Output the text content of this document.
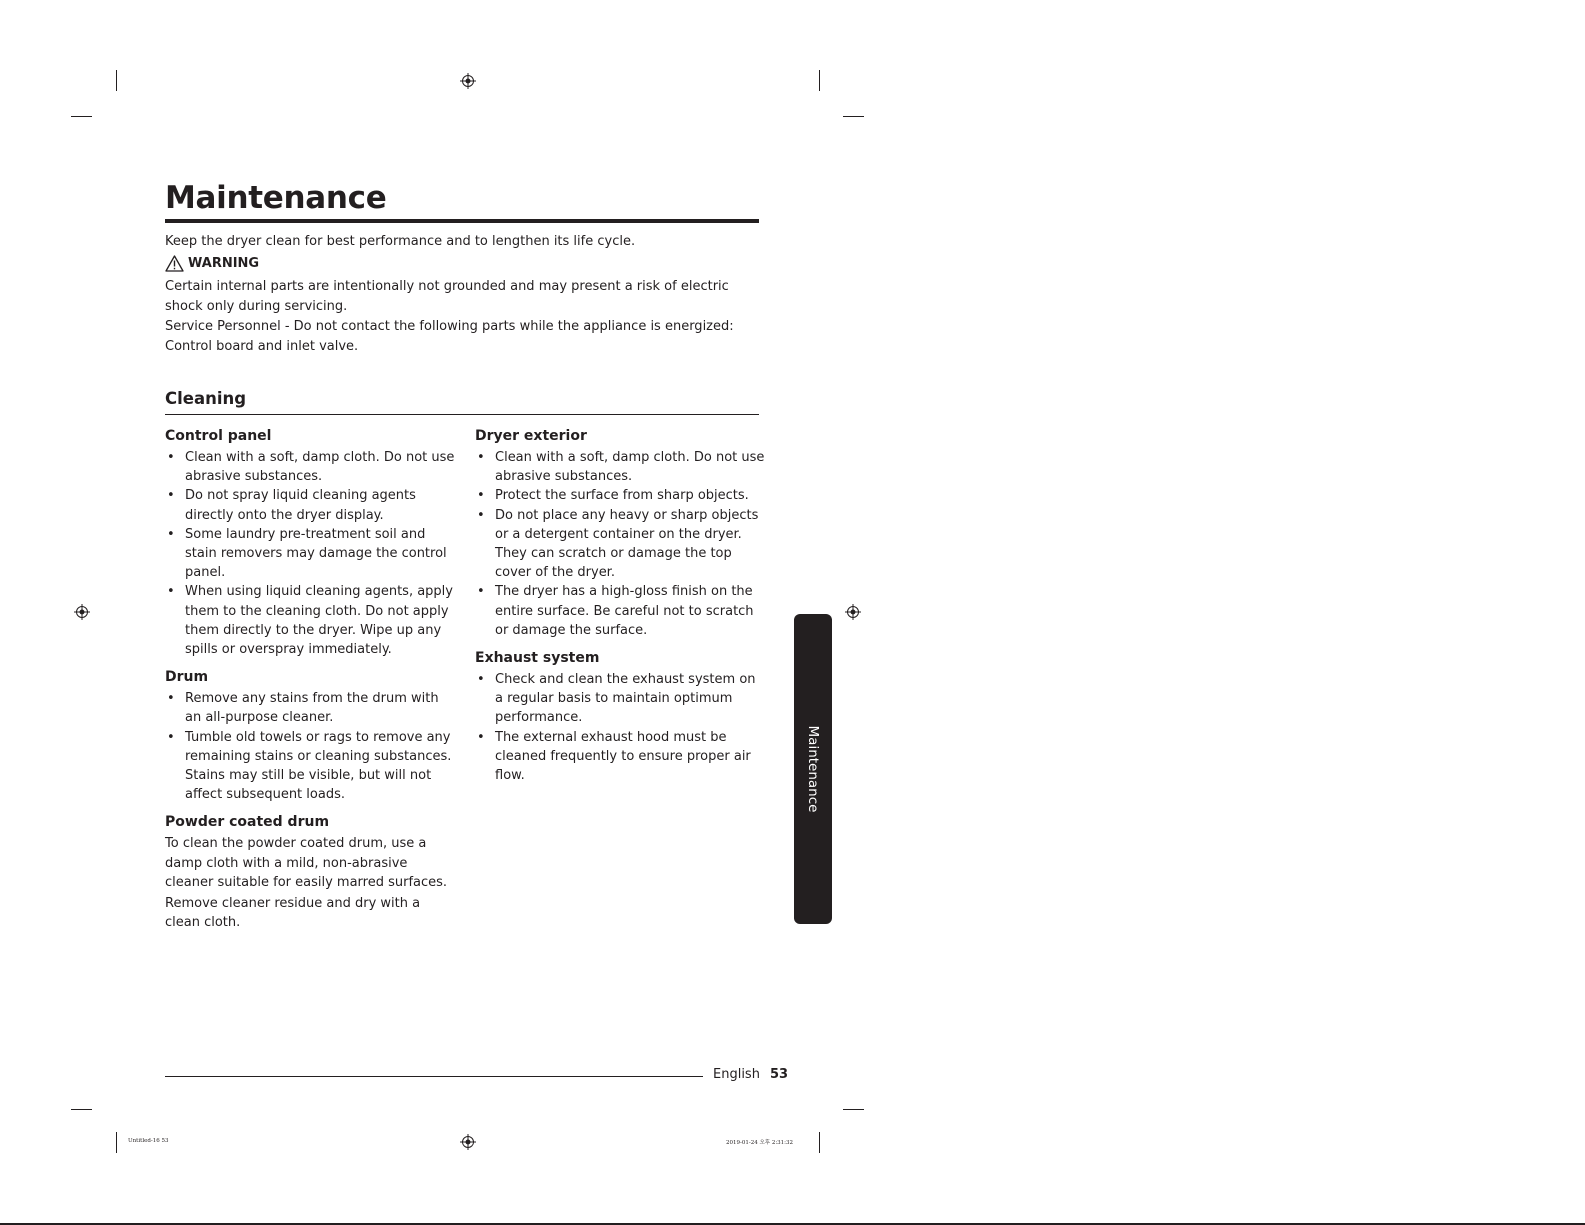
Maintenance
Keep the dryer clean for best performance and to lengthen its life cycle.
WARNING
Certain internal parts are intentionally not grounded and may present a risk of electric shock only during servicing.
Service Personnel - Do not contact the following parts while the appliance is energized: Control board and inlet valve.
Cleaning
Control panel
• Clean with a soft, damp cloth. Do not use abrasive substances.
• Do not spray liquid cleaning agents directly onto the dryer display.
• Some laundry pre-treatment soil and stain removers may damage the control panel.
• When using liquid cleaning agents, apply them to the cleaning cloth. Do not apply them directly to the dryer. Wipe up any spills or overspray immediately.
Drum
• Remove any stains from the drum with an all-purpose cleaner.
• Tumble old towels or rags to remove any remaining stains or cleaning substances. Stains may still be visible, but will not affect subsequent loads.
Powder coated drum

To clean the powder coated drum, use a damp cloth with a mild, non-abrasive cleaner suitable for easily marred surfaces.

Remove cleaner residue and dry with a clean cloth.

Dryer exterior
• Clean with a soft, damp cloth. Do not use abrasive substances.
• Protect the surface from sharp objects.
• Do not place any heavy or sharp objects or a detergent container on the dryer. They can scratch or damage the top cover of the dryer.
• The dryer has a high-gloss finish on the entire surface. Be careful not to scratch or damage the surface.
Exhaust system
• Check and clean the exhaust system on a regular basis to maintain optimum performance.
• The external exhaust hood must be cleaned frequently to ensure proper air flow.	Maintenance
English 53
Untitled-16 53	2019-01-24 오후 2:31:32
